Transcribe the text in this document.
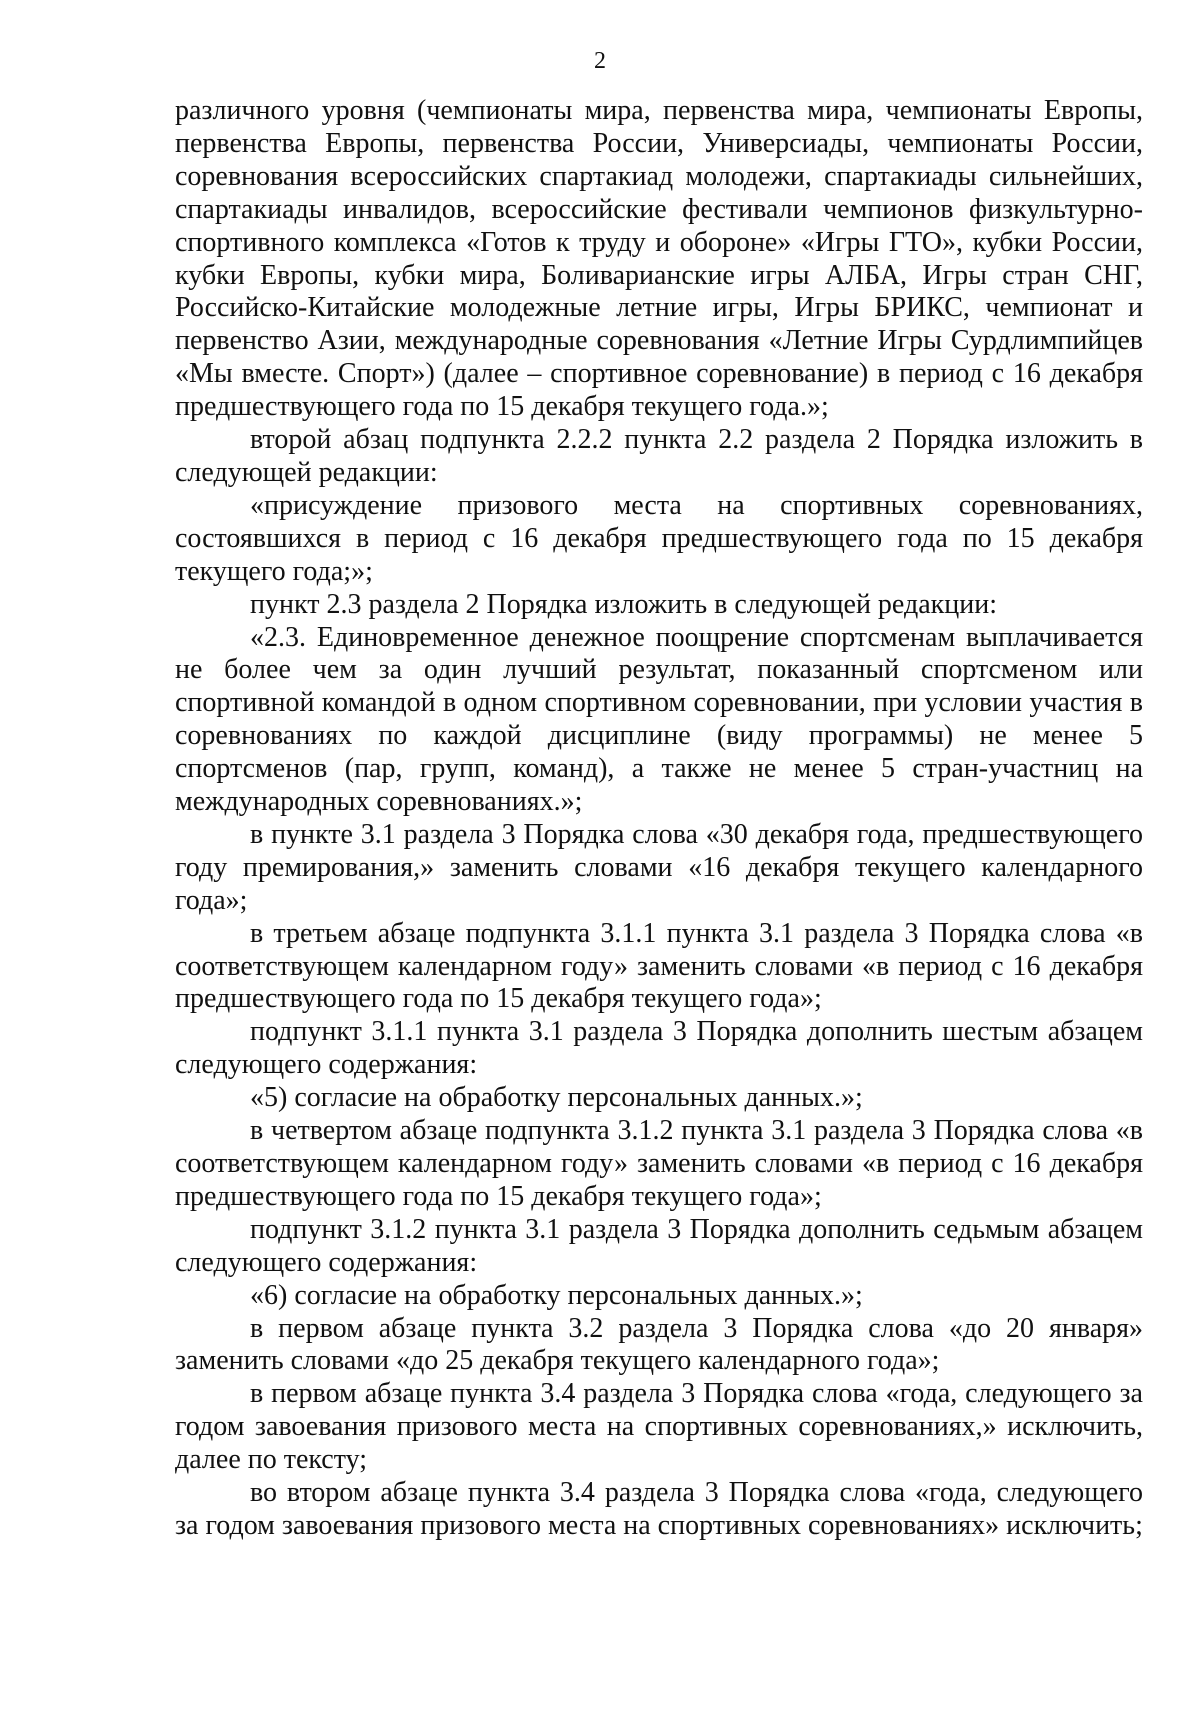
2

различного уровня (чемпионаты мира, первенства мира, чемпионаты Европы, первенства Европы, первенства России, Универсиады, чемпионаты России, соревнования всероссийских спартакиад молодежи, спартакиады сильнейших, спартакиады инвалидов, всероссийские фестивали чемпионов физкультурно-спортивного комплекса «Готов к труду и обороне» «Игры ГТО», кубки России, кубки Европы, кубки мира, Боливарианские игры АЛБА, Игры стран СНГ, Российско-Китайские молодежные летние игры, Игры БРИКС, чемпионат и первенство Азии, международные соревнования «Летние Игры Сурдлимпийцев «Мы вместе. Спорт») (далее – спортивное соревнование) в период с 16 декабря предшествующего года по 15 декабря текущего года.»;

второй абзац подпункта 2.2.2 пункта 2.2 раздела 2 Порядка изложить в следующей редакции:

«присуждение призового места на спортивных соревнованиях, состоявшихся в период с 16 декабря предшествующего года по 15 декабря текущего года;»;

пункт 2.3 раздела 2 Порядка изложить в следующей редакции:

«2.3. Единовременное денежное поощрение спортсменам выплачивается не более чем за один лучший результат, показанный спортсменом или спортивной командой в одном спортивном соревновании, при условии участия в соревнованиях по каждой дисциплине (виду программы) не менее 5 спортсменов (пар, групп, команд), а также не менее 5 стран-участниц на международных соревнованиях.»;

в пункте 3.1 раздела 3 Порядка слова «30 декабря года, предшествующего году премирования,» заменить словами «16 декабря текущего календарного года»;

в третьем абзаце подпункта 3.1.1 пункта 3.1 раздела 3 Порядка слова «в соответствующем календарном году» заменить словами «в период с 16 декабря предшествующего года по 15 декабря текущего года»;

подпункт 3.1.1 пункта 3.1 раздела 3 Порядка дополнить шестым абзацем следующего содержания:

«5) согласие на обработку персональных данных.»;

в четвертом абзаце подпункта 3.1.2 пункта 3.1 раздела 3 Порядка слова «в соответствующем календарном году» заменить словами «в период с 16 декабря предшествующего года по 15 декабря текущего года»;

подпункт 3.1.2 пункта 3.1 раздела 3 Порядка дополнить седьмым абзацем следующего содержания:

«6) согласие на обработку персональных данных.»;

в первом абзаце пункта 3.2 раздела 3 Порядка слова «до 20 января» заменить словами «до 25 декабря текущего календарного года»;

в первом абзаце пункта 3.4 раздела 3 Порядка слова «года, следующего за годом завоевания призового места на спортивных соревнованиях,» исключить, далее по тексту;

во втором абзаце пункта 3.4 раздела 3 Порядка слова «года, следующего за годом завоевания призового места на спортивных соревнованиях» исключить;
